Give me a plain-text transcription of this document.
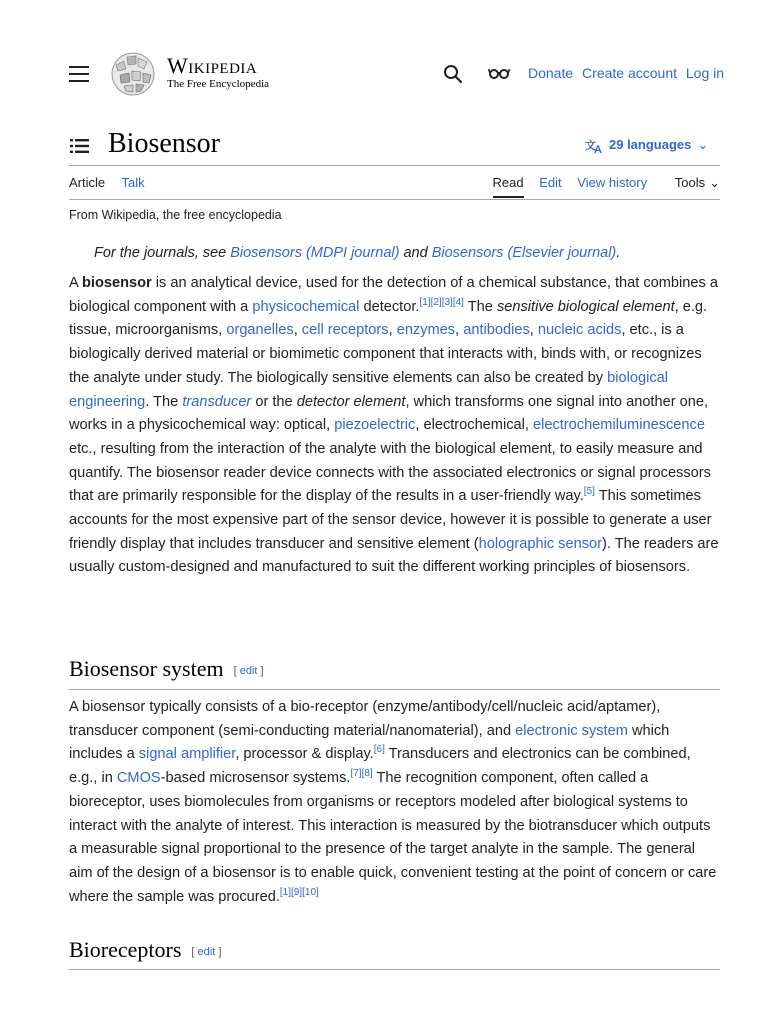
Wikipedia
The Free Encyclopedia
Donate Create account Log in
Biosensor	文
A 29 languages ⌄
Article Talk	Read Edit View history Tools ⌄
From Wikipedia, the free encyclopedia
For the journals, see Biosensors (MDPI journal) and Biosensors (Elsevier journal).
A biosensor is an analytical device, used for the detection of a chemical substance, that combines a biological component with a physicochemical detector.[1][2][3][4] The sensitive biological element, e.g. tissue, microorganisms, organelles, cell receptors, enzymes, antibodies, nucleic acids, etc., is a biologically derived material or biomimetic component that interacts with, binds with, or recognizes the analyte under study. The biologically sensitive elements can also be created by biological engineering. The transducer or the detector element, which transforms one signal into another one, works in a physicochemical way: optical, piezoelectric, electrochemical, electrochemiluminescence etc., resulting from the interaction of the analyte with the biological element, to easily measure and quantify. The biosensor reader device connects with the associated electronics or signal processors that are primarily responsible for the display of the results in a user-friendly way.[5] This sometimes accounts for the most expensive part of the sensor device, however it is possible to generate a user friendly display that includes transducer and sensitive element (holographic sensor). The readers are usually custom-designed and manufactured to suit the different working principles of biosensors.
Biosensor system [ edit ]
A biosensor typically consists of a bio-receptor (enzyme/antibody/cell/nucleic acid/aptamer), transducer component (semi-conducting material/nanomaterial), and electronic system which includes a signal amplifier, processor & display.[6] Transducers and electronics can be combined, e.g., in CMOS-based microsensor systems.[7][8] The recognition component, often called a bioreceptor, uses biomolecules from organisms or receptors modeled after biological systems to interact with the analyte of interest. This interaction is measured by the biotransducer which outputs a measurable signal proportional to the presence of the target analyte in the sample. The general aim of the design of a biosensor is to enable quick, convenient testing at the point of concern or care where the sample was procured.[1][9][10]
Bioreceptors [ edit ]
